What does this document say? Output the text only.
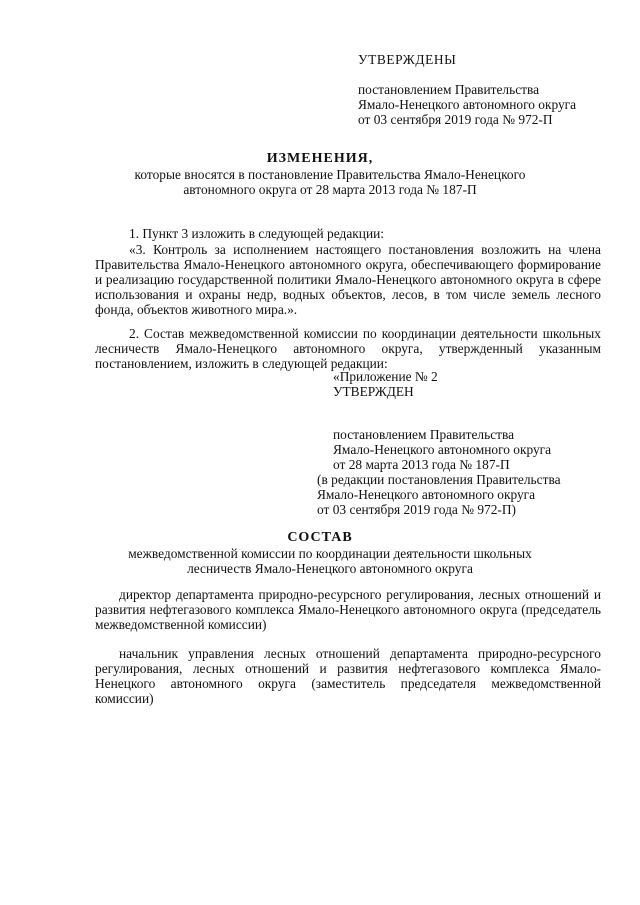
УТВЕРЖДЕНЫ
постановлением Правительства
Ямало-Ненецкого автономного округа
от 03 сентября 2019 года № 972-П
ИЗМЕНЕНИЯ,
которые вносятся в постановление Правительства Ямало-Ненецкого автономного округа от 28 марта 2013 года № 187-П
1. Пункт 3 изложить в следующей редакции:
«3. Контроль за исполнением настоящего постановления возложить на члена Правительства Ямало-Ненецкого автономного округа, обеспечивающего формирование и реализацию государственной политики Ямало-Ненецкого автономного округа в сфере использования и охраны недр, водных объектов, лесов, в том числе земель лесного фонда, объектов животного мира.».
2. Состав межведомственной комиссии по координации деятельности школьных лесничеств Ямало-Ненецкого автономного округа, утвержденный указанным постановлением, изложить в следующей редакции:
«Приложение № 2
УТВЕРЖДЕН
постановлением Правительства
Ямало-Ненецкого автономного округа
от 28 марта 2013 года № 187-П
(в редакции постановления Правительства
Ямало-Ненецкого автономного округа
от 03 сентября 2019 года № 972-П)
СОСТАВ
межведомственной комиссии по координации деятельности школьных лесничеств Ямало-Ненецкого автономного округа
директор департамента природно-ресурсного регулирования, лесных отношений и развития нефтегазового комплекса Ямало-Ненецкого автономного округа (председатель межведомственной комиссии)
начальник управления лесных отношений департамента природно-ресурсного регулирования, лесных отношений и развития нефтегазового комплекса Ямало-Ненецкого автономного округа (заместитель председателя межведомственной комиссии)
